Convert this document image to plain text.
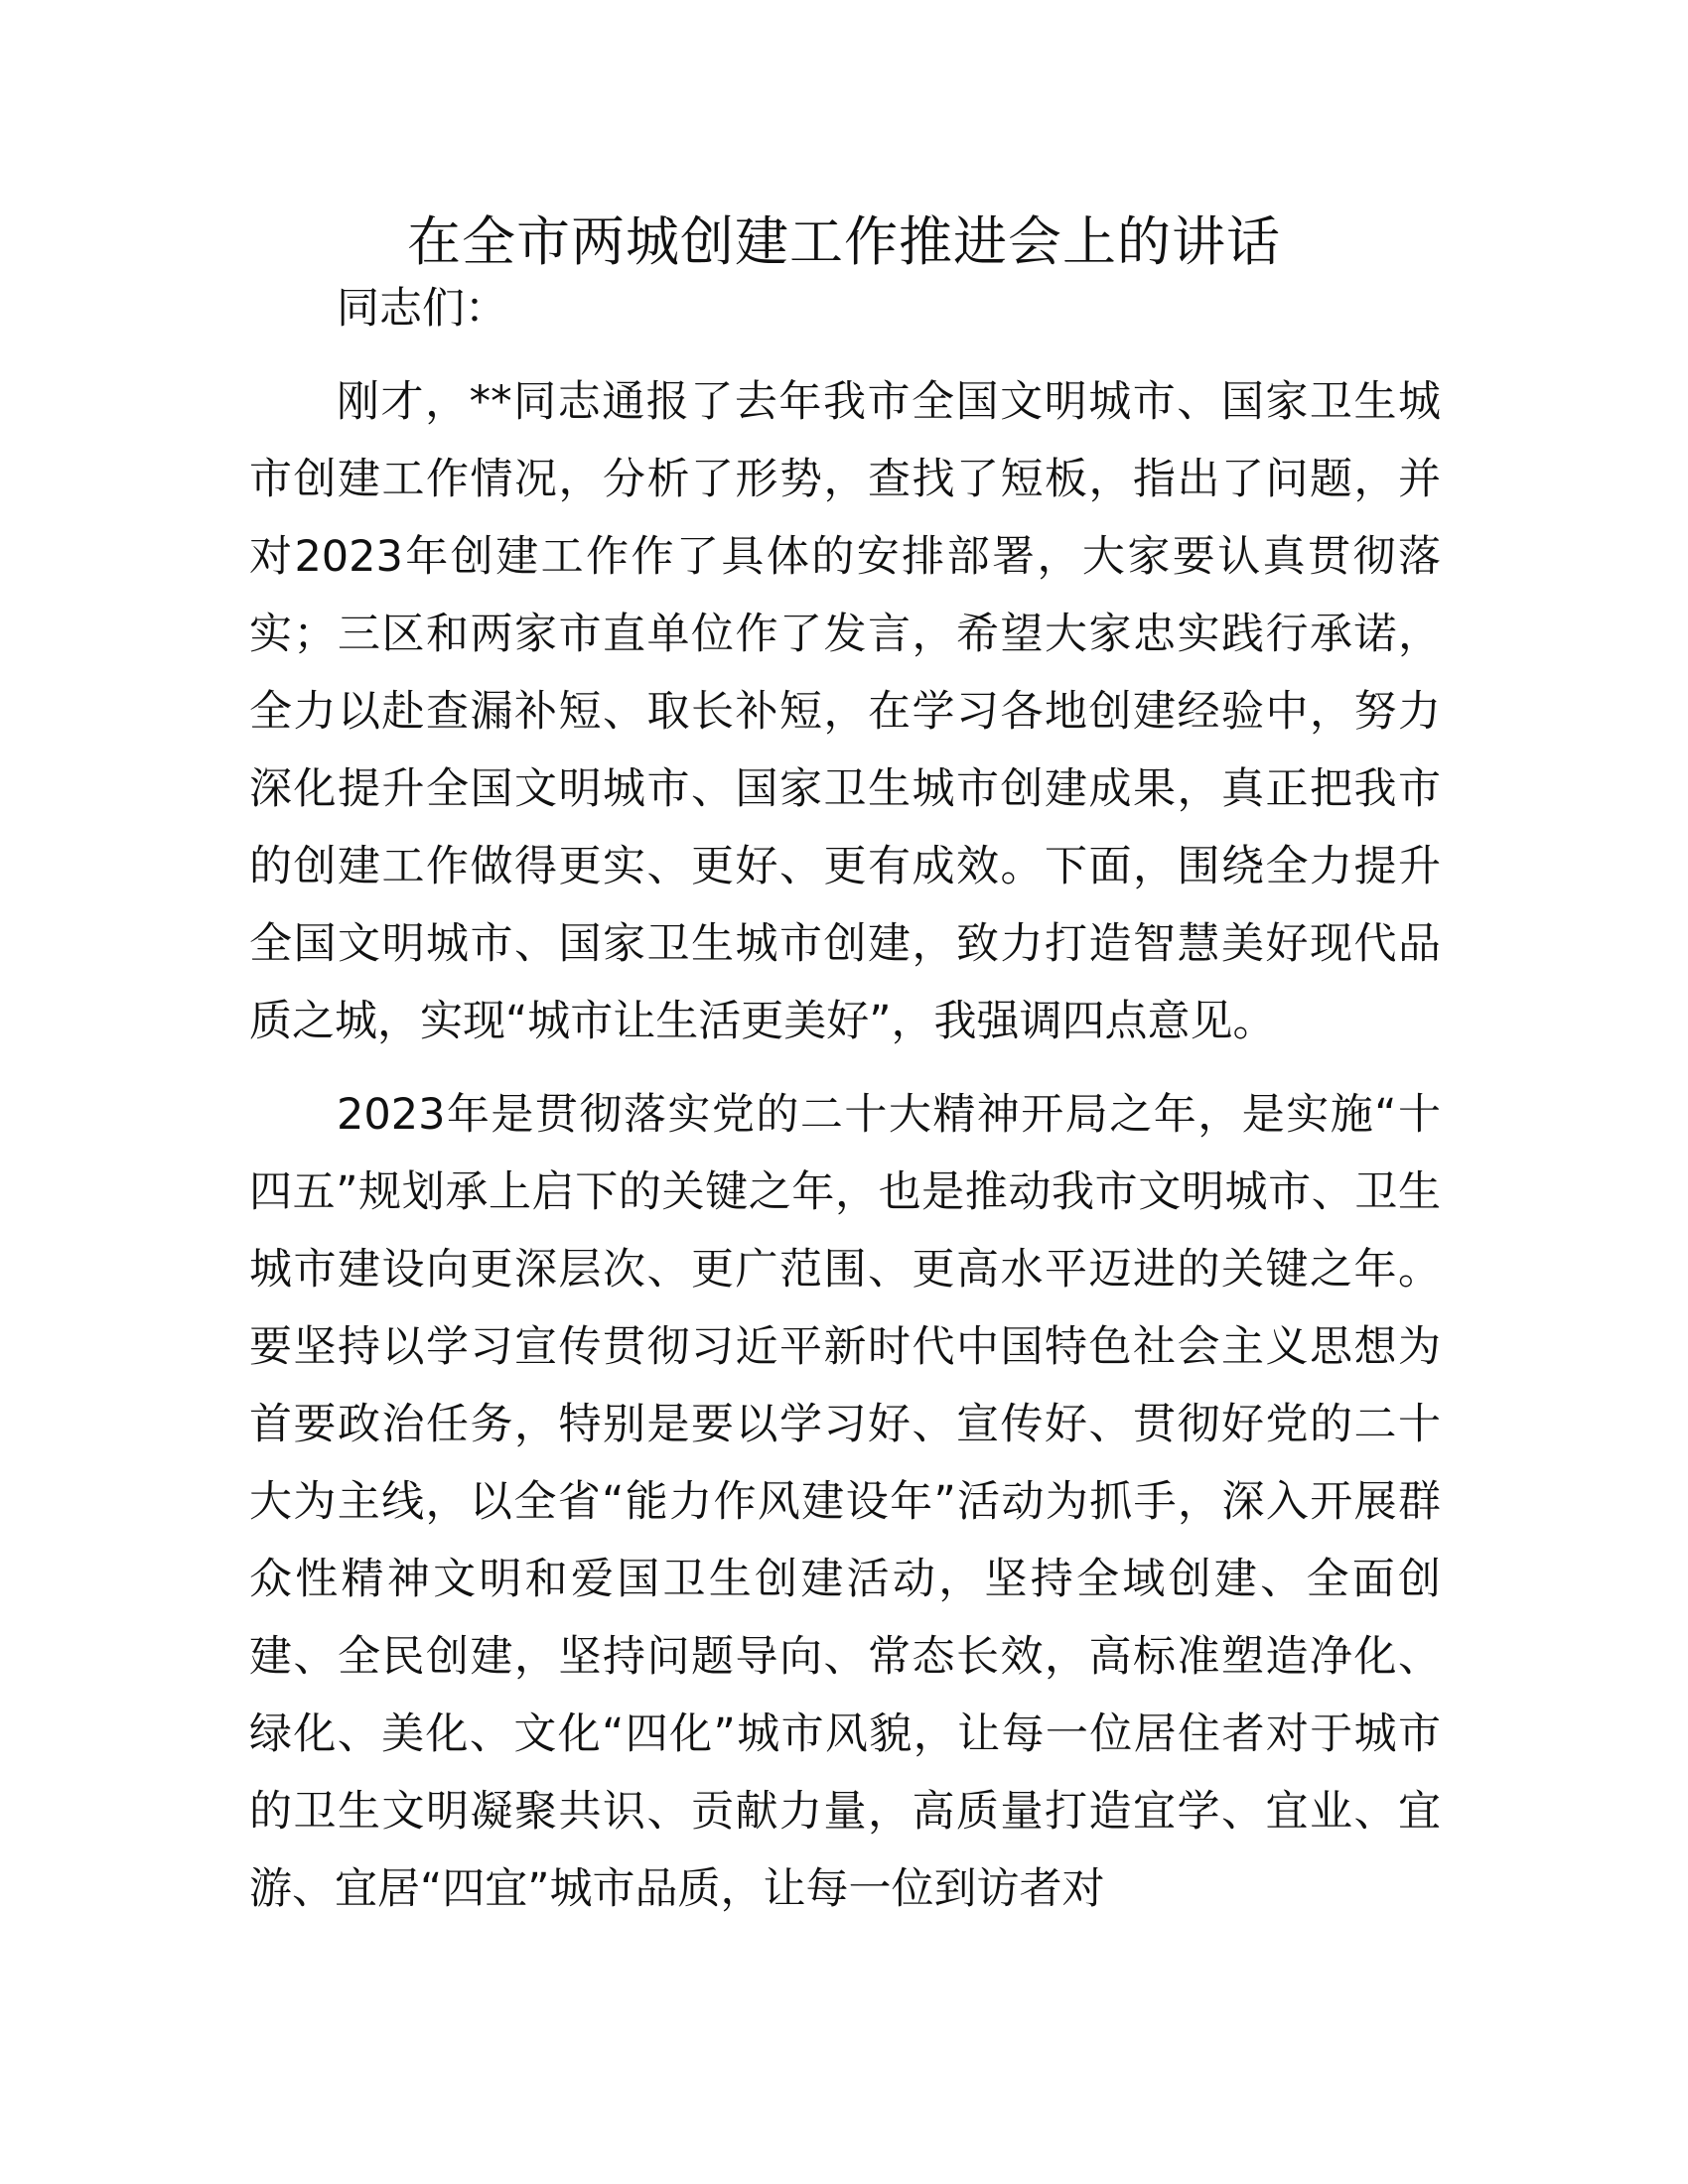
在全市两城创建工作推进会上的讲话

同志们：

刚才，**同志通报了去年我市全国文明城市、国家卫生城市创建工作情况，分析了形势，查找了短板，指出了问题，并对2023年创建工作作了具体的安排部署，大家要认真贯彻落实；三区和两家市直单位作了发言，希望大家忠实践行承诺，全力以赴查漏补短、取长补短，在学习各地创建经验中，努力深化提升全国文明城市、国家卫生城市创建成果，真正把我市的创建工作做得更实、更好、更有成效。下面，围绕全力提升全国文明城市、国家卫生城市创建，致力打造智慧美好现代品质之城，实现“城市让生活更美好”，我强调四点意见。

2023年是贯彻落实党的二十大精神开局之年，是实施“十四五”规划承上启下的关键之年，也是推动我市文明城市、卫生城市建设向更深层次、更广范围、更高水平迈进的关键之年。要坚持以学习宣传贯彻习近平新时代中国特色社会主义思想为首要政治任务，特别是要以学习好、宣传好、贯彻好党的二十大为主线，以全省“能力作风建设年”活动为抓手，深入开展群众性精神文明和爱国卫生创建活动，坚持全域创建、全面创建、全民创建，坚持问题导向、常态长效，高标准塑造净化、绿化、美化、文化“四化”城市风貌，让每一位居住者对于城市的卫生文明凝聚共识、贡献力量，高质量打造宜学、宜业、宜游、宜居“四宜”城市品质，让每一位到访者对
